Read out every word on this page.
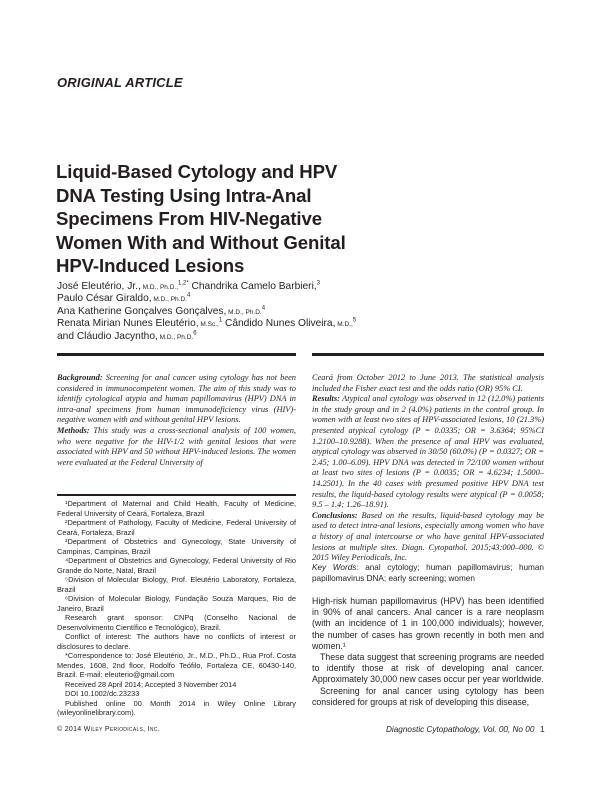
ORIGINAL ARTICLE
Liquid-Based Cytology and HPV
DNA Testing Using Intra-Anal
Specimens From HIV-Negative
Women With and Without Genital
HPV-Induced Lesions
José Eleutério, Jr., M.D., Ph.D.,$^{1,2*}$ Chandrika Camelo Barbieri,$^3$
Paulo César Giraldo, M.D., Ph.D.$^4$
Ana Katherine Gonçalves Gonçalves, M.D., Ph.D.$^4$
Renata Mirian Nunes Eleutério, M.Sc.,$^1$ Cândido Nunes Oliveira, M.D.,$^5$
and Cláudio Jacyntho, M.D., Ph.D.$^6$
Background: Screening for anal cancer using cytology has not been considered in immunocompetent women. The aim of this study was to identify cytological atypia and human papillomavirus (HPV) DNA in intra-anal specimens from human immunodeficiency virus (HIV)-negative women with and without genital HPV lesions.
Methods: This study was a cross-sectional analysis of 100 women, who were negative for the HIV-1/2 with genital lesions that were associated with HPV and 50 without HPV-induced lesions. The women were evaluated at the Federal University of
Ceará from October 2012 to June 2013. The statistical analysis included the Fisher exact test and the odds ratio (OR) 95% CI.
Results: Atypical anal cytology was observed in 12 (12.0%) patients in the study group and in 2 (4.0%) patients in the control group. In women with at least two sites of HPV-associated lesions, 10 (21.3%) presented atypical cytology (P = 0.0335; OR = 3.6364; 95%CI 1.2100–10.9288). When the presence of anal HPV was evaluated, atypical cytology was observed in 30/50 (60.0%) (P = 0.0327; OR = 2.45; 1.00–6.09). HPV DNA was detected in 72/100 women without at least two sites of lesions (P = 0.0035; OR = 4.6234; 1.5000–14.2501). In the 40 cases with presumed positive HPV DNA test results, the liquid-based cytology results were atypical (P = 0.0058; 9.5 – 1.4; 1.26–18.91).
Conclusions: Based on the results, liquid-based cytology may be used to detect intra-anal lesions, especially among women who have a history of anal intercourse or who have genital HPV-associated lesions at multiple sites. Diagn. Cytopathol. 2015;43:000–000. © 2015 Wiley Periodicals, Inc.
Key Words: anal cytology; human papillomavirus; human papillomavirus DNA; early screening; women

High-risk human papillomavirus (HPV) has been identified in 90% of anal cancers. Anal cancer is a rare neoplasm (with an incidence of 1 in 100,000 individuals); however, the number of cases has grown recently in both men and women.¹

These data suggest that screening programs are needed to identify those at risk of developing anal cancer. Approximately 30,000 new cases occur per year worldwide.

Screening for anal cancer using cytology has been considered for groups at risk of developing this disease,

¹Department of Maternal and Child Health, Faculty of Medicine, Federal University of Ceará, Fortaleza, Brazil

²Department of Pathology, Faculty of Medicine, Federal University of Ceará, Fortaleza, Brazil

³Department of Obstetrics and Gynecology, State University of Campinas, Campinas, Brazil

⁴Department of Obstetrics and Gynecology, Federal University of Rio Grande do Norte, Natal, Brazil

⁵Division of Molecular Biology, Prof. Eleutério Laboratory, Fortaleza, Brazil

⁶Division of Molecular Biology, Fundação Souza Marques, Rio de Janeiro, Brazil

Research grant sponsor: CNPq (Conselho Nacional de Desenvolvimento Científico e Tecnológico), Brazil.

Conflict of interest: The authors have no conflicts of interest or disclosures to declare.

*Correspondence to: José Eleutério, Jr., M.D., Ph.D., Rua Prof. Costa Mendes, 1608, 2nd floor, Rodolfo Teófilo, Fortaleza CE, 60430-140, Brazil. E-mail: eleuterio@gmail.com

Received 28 April 2014; Accepted 3 November 2014

DOI 10.1002/dc.23233

Published online 00 Month 2014 in Wiley Online Library (wileyonlinelibrary.com).

© 2014 Wiley Periodicals, Inc.	Diagnostic Cytopathology, Vol. 00, No 00 1
